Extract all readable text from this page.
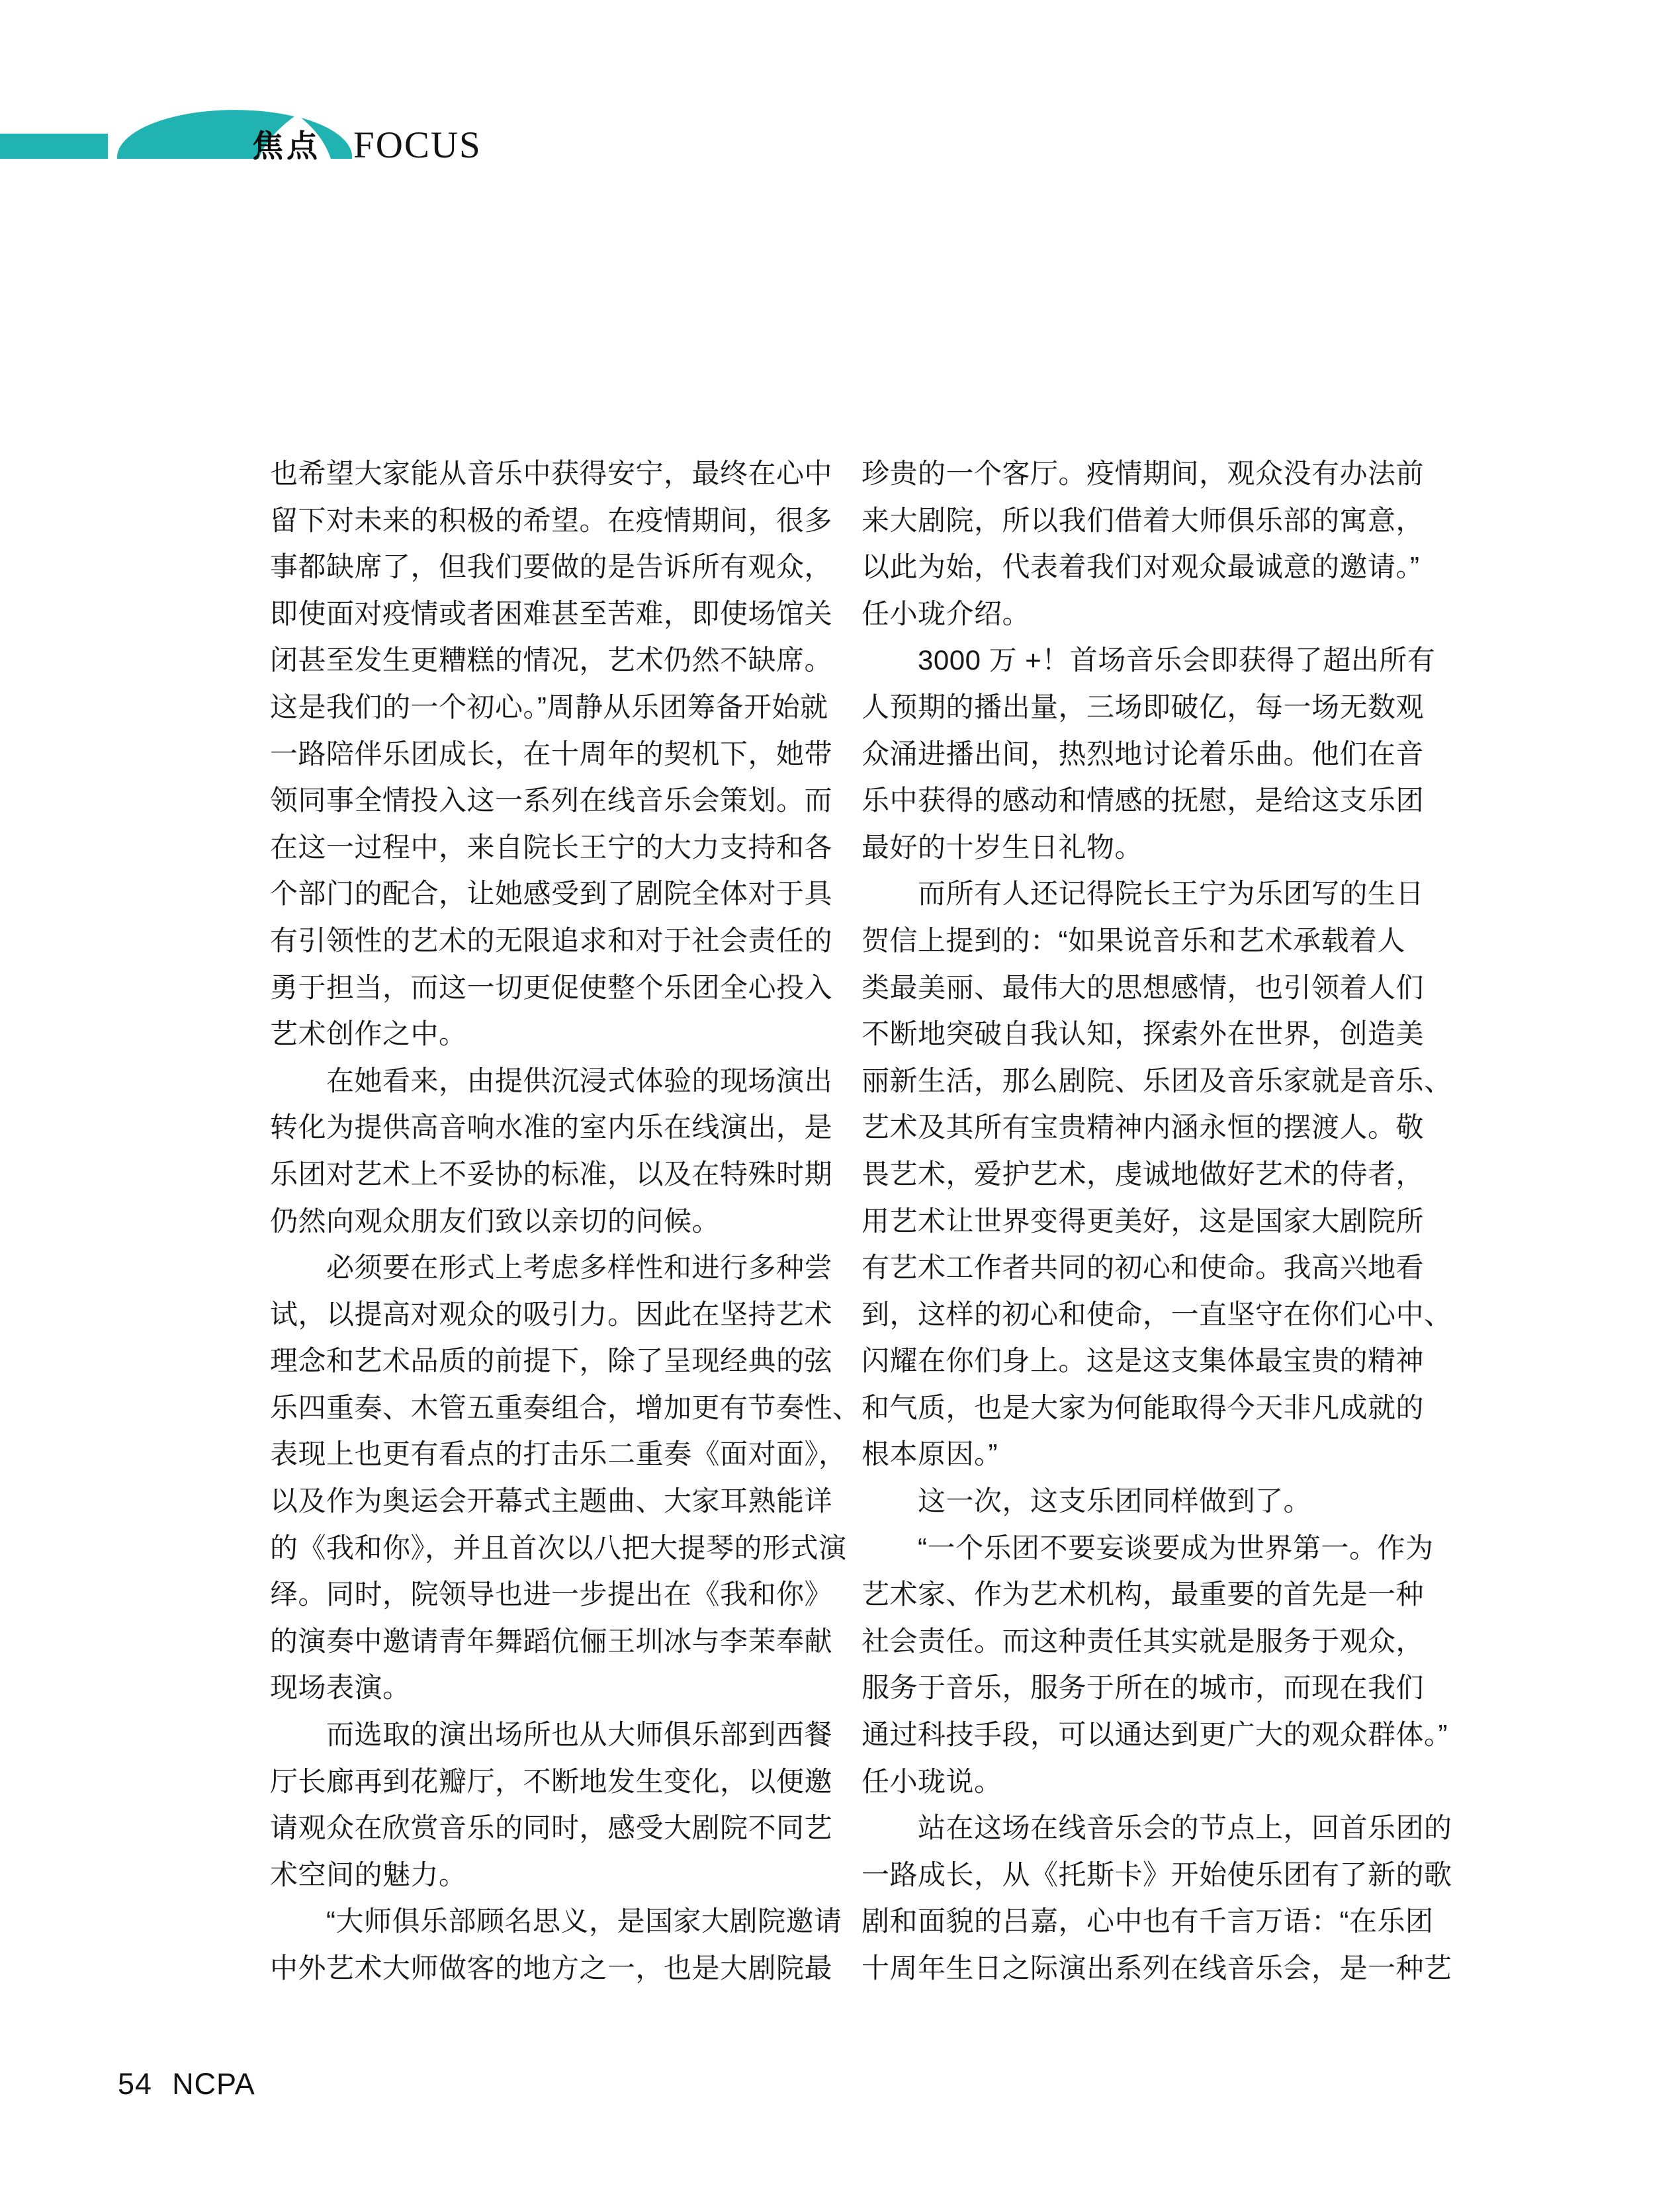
焦点 FOCUS
也希望大家能从音乐中获得安宁，最终在心中
留下对未来的积极的希望。在疫情期间，很多
事都缺席了，但我们要做的是告诉所有观众，
即使面对疫情或者困难甚至苦难，即使场馆关
闭甚至发生更糟糕的情况，艺术仍然不缺席。
这是我们的一个初心。”周静从乐团筹备开始就
一路陪伴乐团成长，在十周年的契机下，她带
领同事全情投入这一系列在线音乐会策划。而
在这一过程中，来自院长王宁的大力支持和各
个部门的配合，让她感受到了剧院全体对于具
有引领性的艺术的无限追求和对于社会责任的
勇于担当，而这一切更促使整个乐团全心投入
艺术创作之中。
　　在她看来，由提供沉浸式体验的现场演出
转化为提供高音响水准的室内乐在线演出，是
乐团对艺术上不妥协的标准，以及在特殊时期
仍然向观众朋友们致以亲切的问候。
　　必须要在形式上考虑多样性和进行多种尝
试，以提高对观众的吸引力。因此在坚持艺术
理念和艺术品质的前提下，除了呈现经典的弦
乐四重奏、木管五重奏组合，增加更有节奏性、
表现上也更有看点的打击乐二重奏《面对面》，
以及作为奥运会开幕式主题曲、大家耳熟能详
的《我和你》，并且首次以八把大提琴的形式演
绎。同时，院领导也进一步提出在《我和你》
的演奏中邀请青年舞蹈伉俪王圳冰与李茉奉献
现场表演。
　　而选取的演出场所也从大师俱乐部到西餐
厅长廊再到花瓣厅，不断地发生变化，以便邀
请观众在欣赏音乐的同时，感受大剧院不同艺
术空间的魅力。
　　“大师俱乐部顾名思义，是国家大剧院邀请
中外艺术大师做客的地方之一，也是大剧院最
珍贵的一个客厅。疫情期间，观众没有办法前
来大剧院，所以我们借着大师俱乐部的寓意，
以此为始，代表着我们对观众最诚意的邀请。”
任小珑介绍。
　　3000 万 +！首场音乐会即获得了超出所有
人预期的播出量，三场即破亿，每一场无数观
众涌进播出间，热烈地讨论着乐曲。他们在音
乐中获得的感动和情感的抚慰，是给这支乐团
最好的十岁生日礼物。
　　而所有人还记得院长王宁为乐团写的生日
贺信上提到的：“如果说音乐和艺术承载着人
类最美丽、最伟大的思想感情，也引领着人们
不断地突破自我认知，探索外在世界，创造美
丽新生活，那么剧院、乐团及音乐家就是音乐、
艺术及其所有宝贵精神内涵永恒的摆渡人。敬
畏艺术，爱护艺术，虔诚地做好艺术的侍者，
用艺术让世界变得更美好，这是国家大剧院所
有艺术工作者共同的初心和使命。我高兴地看
到，这样的初心和使命，一直坚守在你们心中、
闪耀在你们身上。这是这支集体最宝贵的精神
和气质，也是大家为何能取得今天非凡成就的
根本原因。”
　　这一次，这支乐团同样做到了。
　　“一个乐团不要妄谈要成为世界第一。作为
艺术家、作为艺术机构，最重要的首先是一种
社会责任。而这种责任其实就是服务于观众，
服务于音乐，服务于所在的城市，而现在我们
通过科技手段，可以通达到更广大的观众群体。”
任小珑说。
　　站在这场在线音乐会的节点上，回首乐团的
一路成长，从《托斯卡》开始使乐团有了新的歌
剧和面貌的吕嘉，心中也有千言万语：“在乐团
十周年生日之际演出系列在线音乐会，是一种艺
54 NCPA
